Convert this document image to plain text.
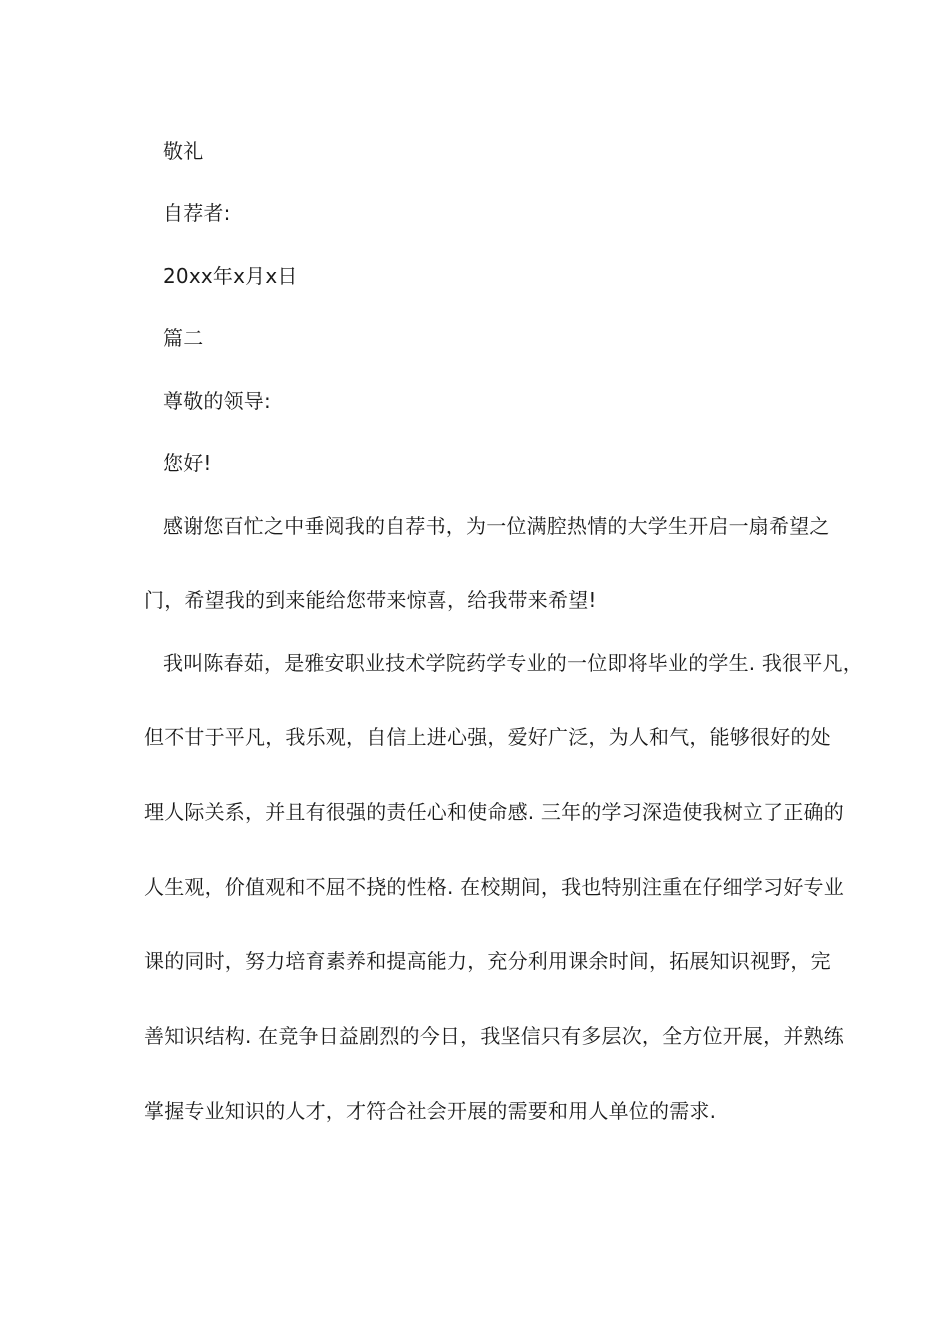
敬礼

自荐者:

20xx年x月x日

篇二

尊敬的领导:

您好!

感谢您百忙之中垂阅我的自荐书，为一位满腔热情的大学生开启一扇希望之

门，希望我的到来能给您带来惊喜，给我带来希望!

我叫陈春茹，是雅安职业技术学院药学专业的一位即将毕业的学生. 我很平凡，

但不甘于平凡，我乐观，自信上进心强，爱好广泛，为人和气，能够很好的处

理人际关系，并且有很强的责任心和使命感. 三年的学习深造使我树立了正确的

人生观，价值观和不屈不挠的性格. 在校期间，我也特别注重在仔细学习好专业

课的同时，努力培育素养和提高能力，充分利用课余时间，拓展知识视野，完

善知识结构. 在竞争日益剧烈的今日，我坚信只有多层次，全方位开展，并熟练

掌握专业知识的人才，才符合社会开展的需要和用人单位的需求.
